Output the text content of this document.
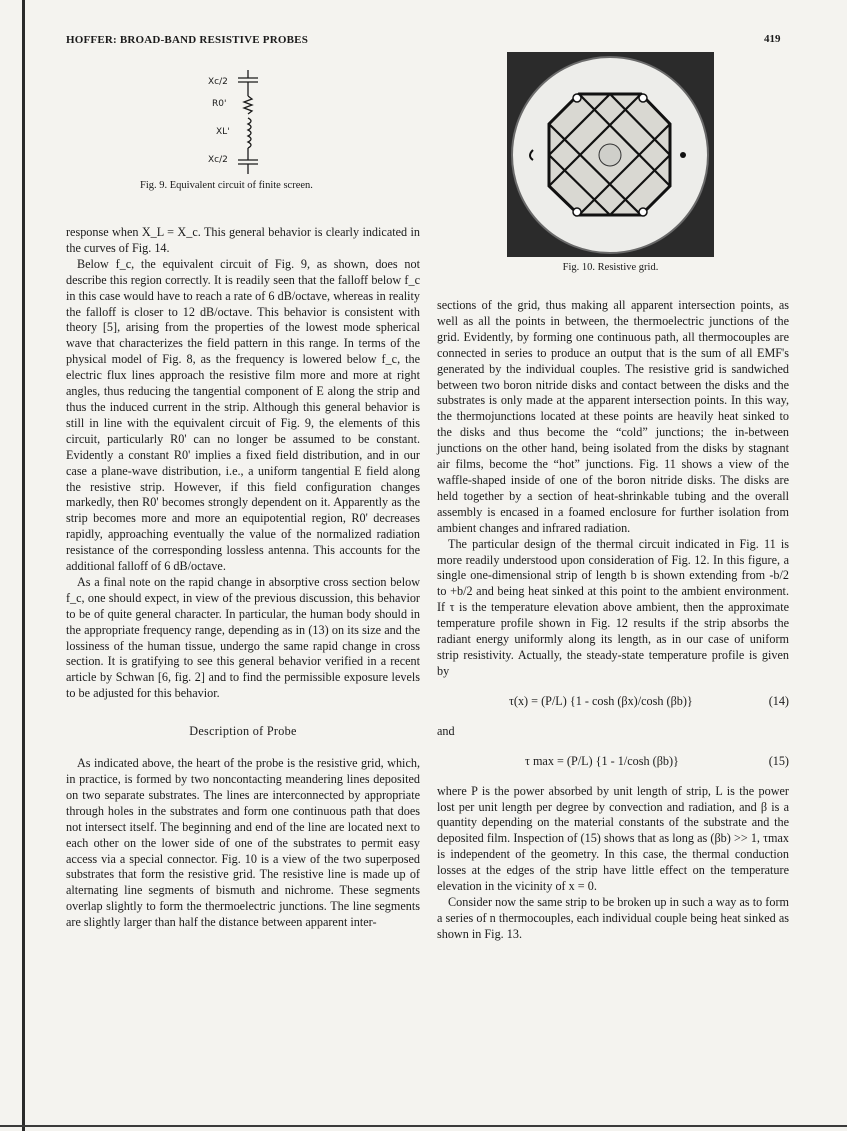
HOFFER: BROAD-BAND RESISTIVE PROBES	419
Xc/2
R0'
XL'
Xc/2
Fig. 9. Equivalent circuit of finite screen.
Fig. 10. Resistive grid.

response when X_L = X_c. This general behavior is clearly indicated in the curves of Fig. 14.

Below f_c, the equivalent circuit of Fig. 9, as shown, does not describe this region correctly. It is readily seen that the falloff below f_c in this case would have to reach a rate of 6 dB/octave, whereas in reality the falloff is closer to 12 dB/octave. This behavior is consistent with theory [5], arising from the properties of the lowest mode spherical wave that characterizes the field pattern in this range. In terms of the physical model of Fig. 8, as the frequency is lowered below f_c, the electric flux lines approach the resistive film more and more at right angles, thus reducing the tangential component of E along the strip and thus the induced current in the strip. Although this general behavior is still in line with the equivalent circuit of Fig. 9, the elements of this circuit, particularly R0' can no longer be assumed to be constant. Evidently a constant R0' implies a fixed field distribution, and in our case a plane-wave distribution, i.e., a uniform tangential E field along the resistive strip. However, if this field configuration changes markedly, then R0' becomes strongly dependent on it. Apparently as the strip becomes more and more an equipotential region, R0' decreases rapidly, approaching eventually the value of the normalized radiation resistance of the corresponding lossless antenna. This accounts for the additional falloff of 6 dB/octave.

As a final note on the rapid change in absorptive cross section below f_c, one should expect, in view of the previous discussion, this behavior to be of quite general character. In particular, the human body should in the appropriate frequency range, depending as in (13) on its size and the lossiness of the human tissue, undergo the same rapid change in cross section. It is gratifying to see this general behavior verified in a recent article by Schwan [6, fig. 2] and to find the permissible exposure levels to be adjusted for this behavior.

Description of Probe

As indicated above, the heart of the probe is the resistive grid, which, in practice, is formed by two noncontacting meandering lines deposited on two separate substrates. The lines are interconnected by appropriate through holes in the substrates and form one continuous path that does not intersect itself. The beginning and end of the line are located next to each other on the lower side of one of the substrates to permit easy access via a special connector. Fig. 10 is a view of the two superposed substrates that form the resistive grid. The resistive line is made up of alternating line segments of bismuth and nichrome. These segments overlap slightly to form the thermoelectric junctions. The line segments are slightly larger than half the distance between apparent inter-

sections of the grid, thus making all apparent intersection points, as well as all the points in between, the thermoelectric junctions of the grid. Evidently, by forming one continuous path, all thermocouples are connected in series to produce an output that is the sum of all EMF's generated by the individual couples. The resistive grid is sandwiched between two boron nitride disks and contact between the disks and the substrates is only made at the apparent intersection points. In this way, the thermojunctions located at these points are heavily heat sinked to the disks and thus become the “cold” junctions; the in-between junctions on the other hand, being isolated from the disks by stagnant air films, become the “hot” junctions. Fig. 11 shows a view of the waffle-shaped inside of one of the boron nitride disks. The disks are held together by a section of heat-shrinkable tubing and the overall assembly is encased in a foamed enclosure for further isolation from ambient changes and infrared radiation.

The particular design of the thermal circuit indicated in Fig. 11 is more readily understood upon consideration of Fig. 12. In this figure, a single one-dimensional strip of length b is shown extending from -b/2 to +b/2 and being heat sinked at this point to the ambient environment. If τ is the temperature elevation above ambient, then the approximate temperature profile shown in Fig. 12 results if the strip absorbs the radiant energy uniformly along its length, as in our case of uniform strip resistivity. Actually, the steady-state temperature profile is given by

τ(x) = (P/L) {1 - cosh (βx)/cosh (βb)}	(14)

and

τ max = (P/L) {1 - 1/cosh (βb)}	(15)

where P is the power absorbed by unit length of strip, L is the power lost per unit length per degree by convection and radiation, and β is a quantity depending on the material constants of the substrate and the deposited film. Inspection of (15) shows that as long as (βb) >> 1, τmax is independent of the geometry. In this case, the thermal conduction losses at the edges of the strip have little effect on the temperature elevation in the vicinity of x = 0.

Consider now the same strip to be broken up in such a way as to form a series of n thermocouples, each individual couple being heat sinked as shown in Fig. 13.
